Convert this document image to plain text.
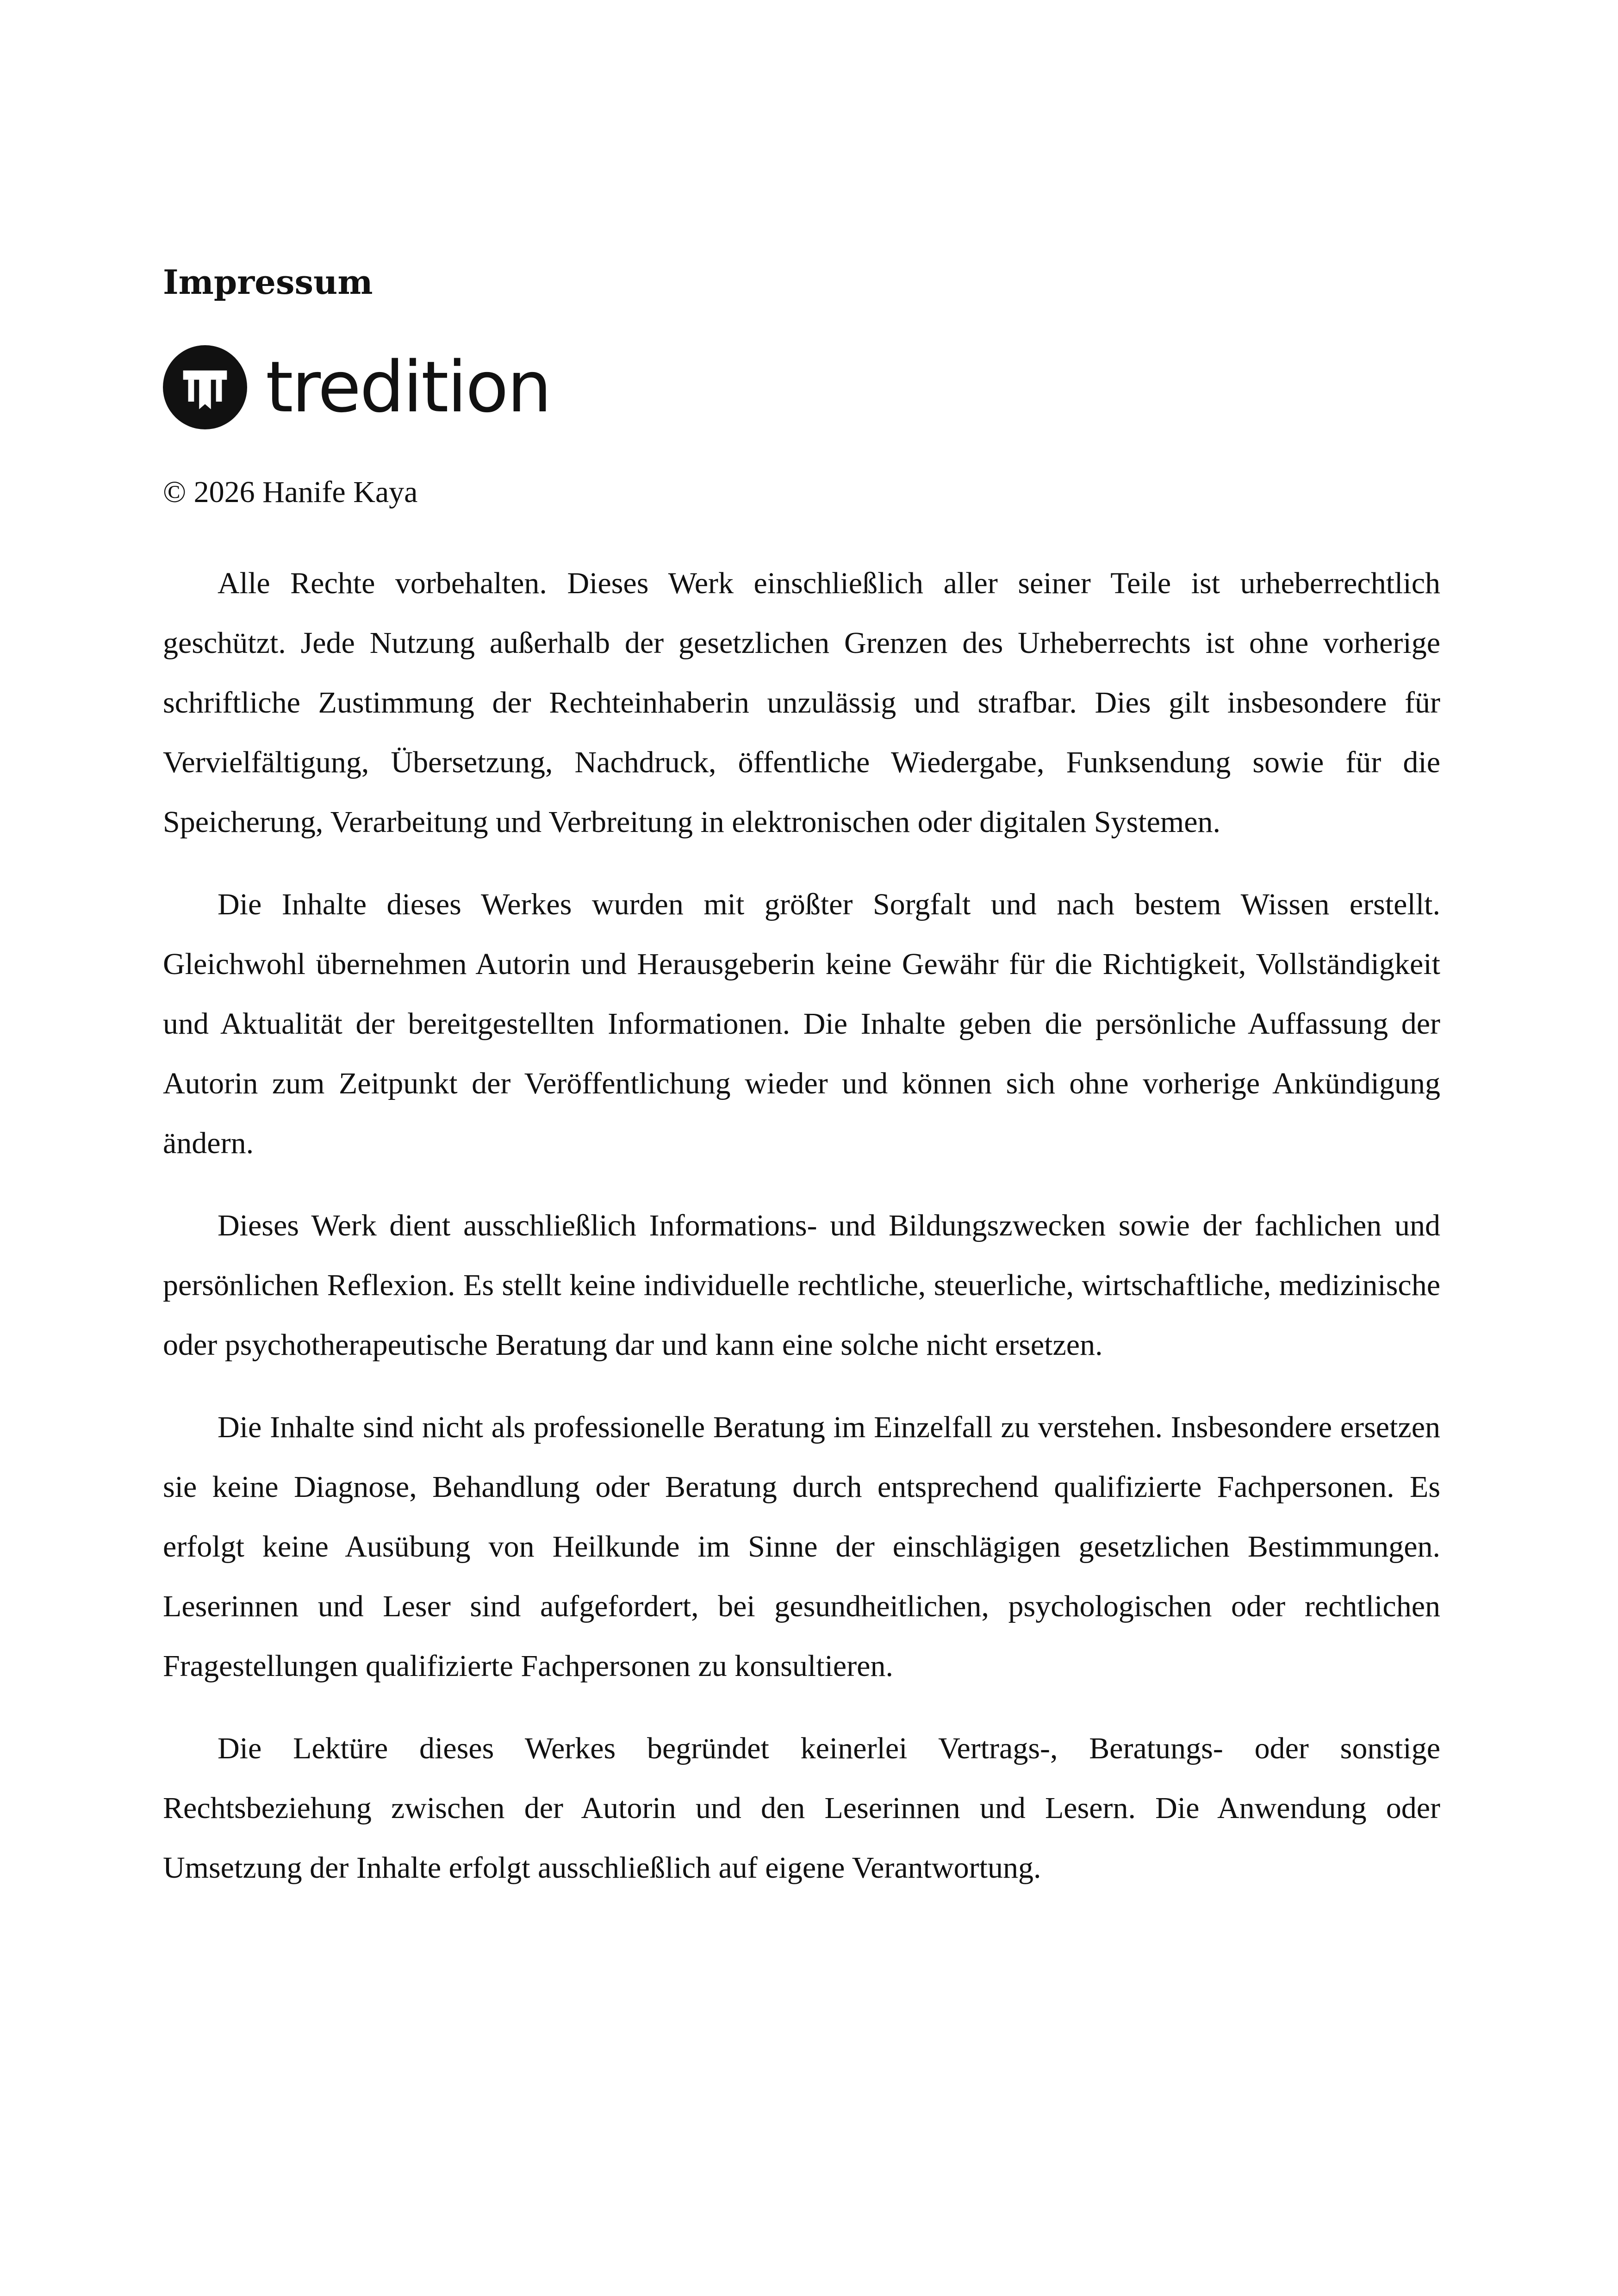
Impressum
tredition
© 2026 Hanife Kaya

Alle Rechte vorbehalten. Dieses Werk einschließlich aller seiner Teile ist urheberrechtlich geschützt. Jede Nutzung außerhalb der gesetzlichen Grenzen des Urheberrechts ist ohne vorherige schriftliche Zustimmung der Rechteinhaberin unzulässig und strafbar. Dies gilt insbesondere für Vervielfältigung, Übersetzung, Nachdruck, öffentliche Wiedergabe, Funksendung sowie für die Speicherung, Verarbeitung und Verbreitung in elektronischen oder digitalen Systemen.

Die Inhalte dieses Werkes wurden mit größter Sorgfalt und nach bestem Wissen erstellt. Gleichwohl übernehmen Autorin und Herausgeberin keine Gewähr für die Richtigkeit, Vollständigkeit und Aktualität der bereitgestellten Informationen. Die Inhalte geben die persönliche Auffassung der Autorin zum Zeitpunkt der Veröffentlichung wieder und können sich ohne vorherige Ankündigung ändern.

Dieses Werk dient ausschließlich Informations- und Bildungszwecken sowie der fachlichen und persönlichen Reflexion. Es stellt keine individuelle rechtliche, steuerliche, wirtschaftliche, medizinische oder psychotherapeutische Beratung dar und kann eine solche nicht ersetzen.

Die Inhalte sind nicht als professionelle Beratung im Einzelfall zu verstehen. Insbesondere ersetzen sie keine Diagnose, Behandlung oder Beratung durch entsprechend qualifizierte Fachpersonen. Es erfolgt keine Ausübung von Heilkunde im Sinne der einschlägigen gesetzlichen Bestimmungen. Leserinnen und Leser sind aufgefordert, bei gesundheitlichen, psychologischen oder rechtlichen Fragestellungen qualifizierte Fachpersonen zu konsultieren.

Die Lektüre dieses Werkes begründet keinerlei Vertrags-, Beratungs- oder sonstige Rechtsbeziehung zwischen der Autorin und den Leserinnen und Lesern. Die Anwendung oder Umsetzung der Inhalte erfolgt ausschließlich auf eigene Verantwortung.
